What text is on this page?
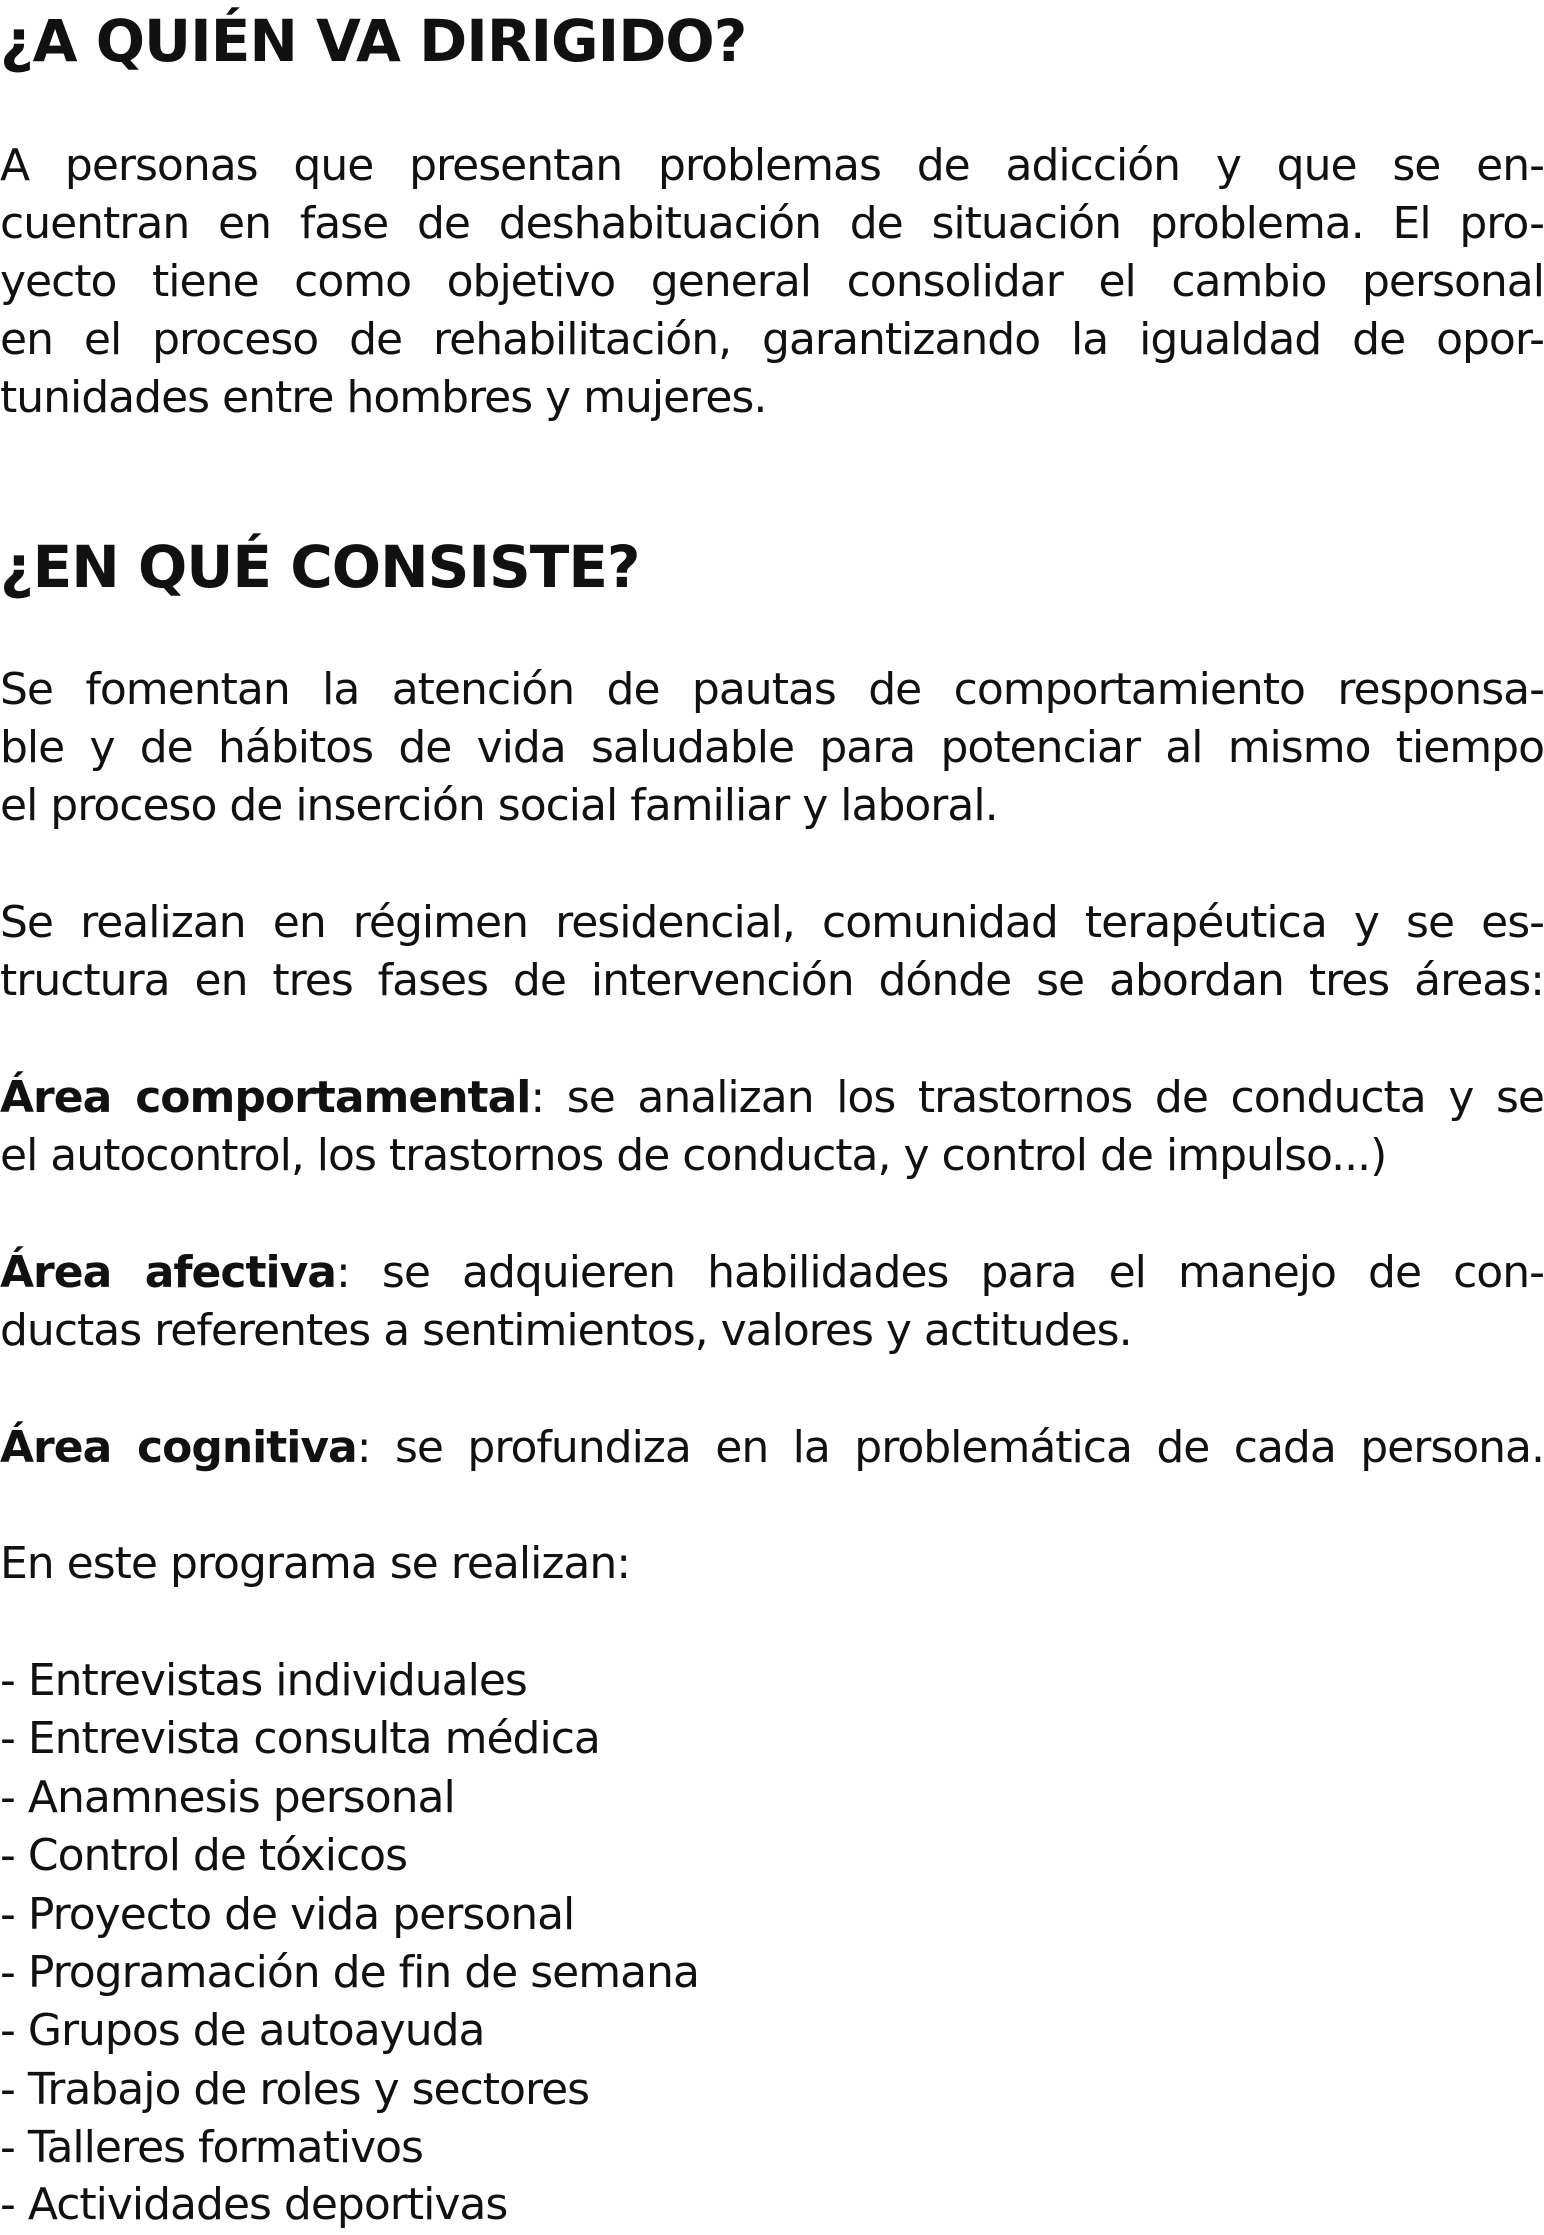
¿A QUIÉN VA DIRIGIDO?

A personas que presentan problemas de adicción y que se en-

cuentran en fase de deshabituación de situación problema. El pro-

yecto tiene como objetivo general consolidar el cambio personal

en el proceso de rehabilitación, garantizando la igualdad de opor-

tunidades entre hombres y mujeres.

¿EN QUÉ CONSISTE?

Se fomentan la atención de pautas de comportamiento responsa-

ble y de hábitos de vida saludable para potenciar al mismo tiempo

el proceso de inserción social familiar y laboral.

Se realizan en régimen residencial, comunidad terapéutica y se es-

tructura en tres fases de intervención dónde se abordan tres áreas:

Área comportamental: se analizan los trastornos de conducta y se

el autocontrol, los trastornos de conducta, y control de impulso...)

Área afectiva: se adquieren habilidades para el manejo de con-

ductas referentes a sentimientos, valores y actitudes.

Área cognitiva: se profundiza en la problemática de cada persona.

En este programa se realizan:

- Entrevistas individuales

- Entrevista consulta médica

- Anamnesis personal

- Control de tóxicos

- Proyecto de vida personal

- Programación de fin de semana

- Grupos de autoayuda

- Trabajo de roles y sectores

- Talleres formativos

- Actividades deportivas
